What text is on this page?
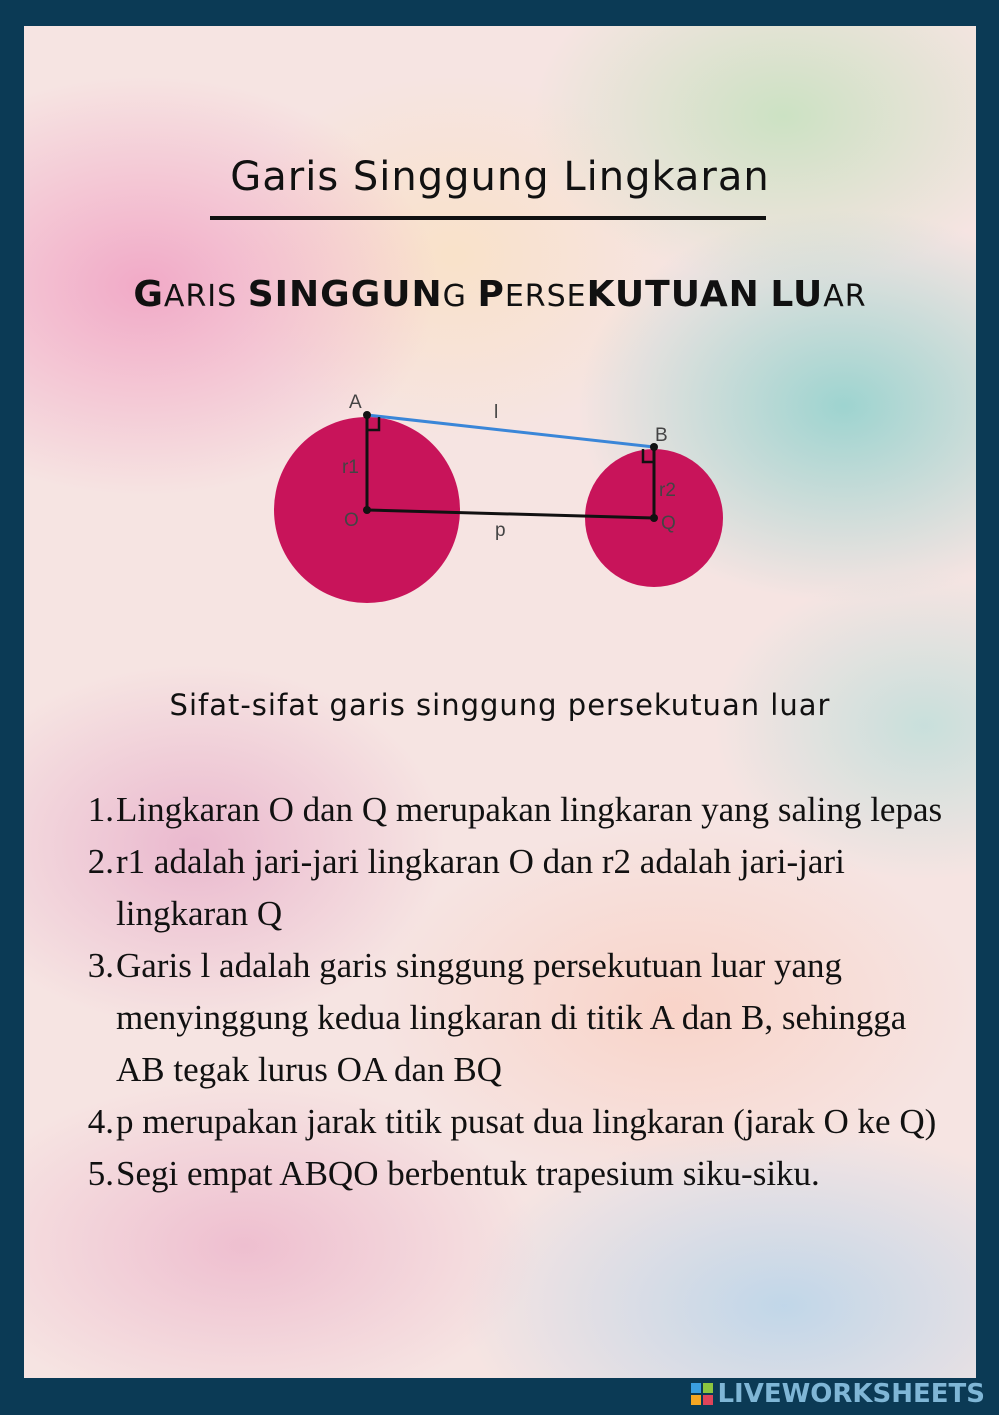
Garis Singgung Lingkaran
GARIS SINGGUNG PERSEKUTUAN LUAR
A	l
B
r1
r2
O	Q
p
Sifat-sifat garis singgung persekutuan luar
1. Lingkaran O dan Q merupakan lingkaran yang saling lepas
2. r1 adalah jari-jari lingkaran O dan r2 adalah jari-jari lingkaran Q
3. Garis l adalah garis singgung persekutuan luar yang menyinggung kedua lingkaran di titik A dan B, sehingga AB tegak lurus OA dan BQ
4. p merupakan jarak titik pusat dua lingkaran (jarak O ke Q)
5. Segi empat ABQO berbentuk trapesium siku-siku.
LIVEWORKSHEETS
